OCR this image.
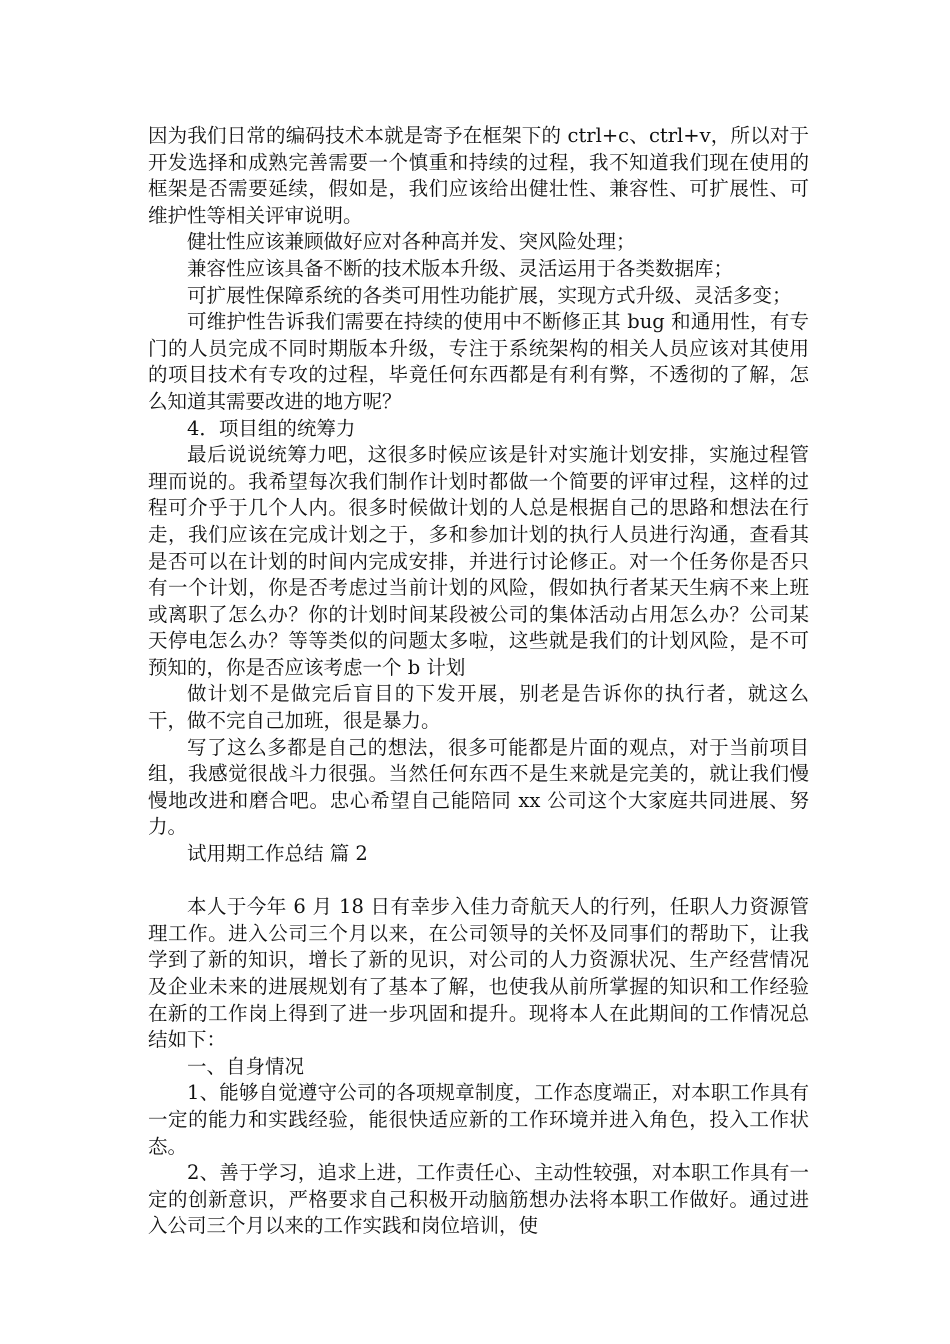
因为我们日常的编码技术本就是寄予在框架下的 ctrl+c、ctrl+v，所以对于开发选择和成熟完善需要一个慎重和持续的过程，我不知道我们现在使用的框架是否需要延续，假如是，我们应该给出健壮性、兼容性、可扩展性、可维护性等相关评审说明。

健壮性应该兼顾做好应对各种高并发、突风险处理；

兼容性应该具备不断的技术版本升级、灵活运用于各类数据库；

可扩展性保障系统的各类可用性功能扩展，实现方式升级、灵活多变；

可维护性告诉我们需要在持续的使用中不断修正其 bug 和通用性，有专门的人员完成不同时期版本升级，专注于系统架构的相关人员应该对其使用的项目技术有专攻的过程，毕竟任何东西都是有利有弊，不透彻的了解，怎么知道其需要改进的地方呢？

4．项目组的统筹力

最后说说统筹力吧，这很多时候应该是针对实施计划安排，实施过程管理而说的。我希望每次我们制作计划时都做一个简要的评审过程，这样的过程可介乎于几个人内。很多时候做计划的人总是根据自己的思路和想法在行走，我们应该在完成计划之于，多和参加计划的执行人员进行沟通，查看其是否可以在计划的时间内完成安排，并进行讨论修正。对一个任务你是否只有一个计划，你是否考虑过当前计划的风险，假如执行者某天生病不来上班或离职了怎么办？你的计划时间某段被公司的集体活动占用怎么办？公司某天停电怎么办？等等类似的问题太多啦，这些就是我们的计划风险，是不可预知的，你是否应该考虑一个 b 计划

做计划不是做完后盲目的下发开展，别老是告诉你的执行者，就这么干，做不完自己加班，很是暴力。

写了这么多都是自己的想法，很多可能都是片面的观点，对于当前项目组，我感觉很战斗力很强。当然任何东西不是生来就是完美的，就让我们慢慢地改进和磨合吧。忠心希望自己能陪同 xx 公司这个大家庭共同进展、努力。

试用期工作总结 篇 2

本人于今年 6 月 18 日有幸步入佳力奇航天人的行列，任职人力资源管理工作。进入公司三个月以来，在公司领导的关怀及同事们的帮助下，让我学到了新的知识，增长了新的见识，对公司的人力资源状况、生产经营情况及企业未来的进展规划有了基本了解，也使我从前所掌握的知识和工作经验在新的工作岗上得到了进一步巩固和提升。现将本人在此期间的工作情况总结如下：

一、自身情况

1、能够自觉遵守公司的各项规章制度，工作态度端正，对本职工作具有一定的能力和实践经验，能很快适应新的工作环境并进入角色，投入工作状态。

2、善于学习，追求上进，工作责任心、主动性较强，对本职工作具有一定的创新意识，严格要求自己积极开动脑筋想办法将本职工作做好。通过进入公司三个月以来的工作实践和岗位培训，使
